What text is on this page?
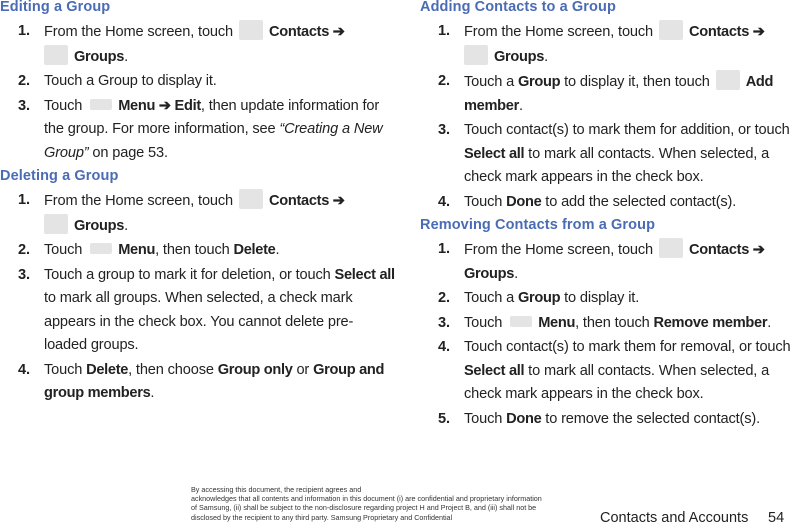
Editing a Group
1. From the Home screen, touch Contacts ➔
Groups.
2. Touch a Group to display it.
3. Touch Menu ➔ Edit, then update information for the group. For more information, see “Creating a New Group” on page 53.
Deleting a Group
1. From the Home screen, touch Contacts ➔
Groups.
2. Touch Menu, then touch Delete.
3. Touch a group to mark it for deletion, or touch Select all to mark all groups. When selected, a check mark appears in the check box. You cannot delete pre-loaded groups.
4. Touch Delete, then choose Group only or Group and group members.
Adding Contacts to a Group
1. From the Home screen, touch Contacts ➔
Groups.
2. Touch a Group to display it, then touch Add member.
3. Touch contact(s) to mark them for addition, or touch Select all to mark all contacts. When selected, a check mark appears in the check box.
4. Touch Done to add the selected contact(s).
Removing Contacts from a Group
1. From the Home screen, touch Contacts ➔ Groups.
2. Touch a Group to display it.
3. Touch Menu, then touch Remove member.
4. Touch contact(s) to mark them for removal, or touch Select all to mark all contacts. When selected, a check mark appears in the check box.
5. Touch Done to remove the selected contact(s).
By accessing this document, the recipient agrees and
acknowledges that all contents and information in this document (i) are confidential and proprietary information
of Samsung, (ii) shall be subject to the non-disclosure regarding project H and Project B, and (iii) shall not be
disclosed by the recipient to any third party. Samsung Proprietary and Confidential	Contacts and Accounts 54
